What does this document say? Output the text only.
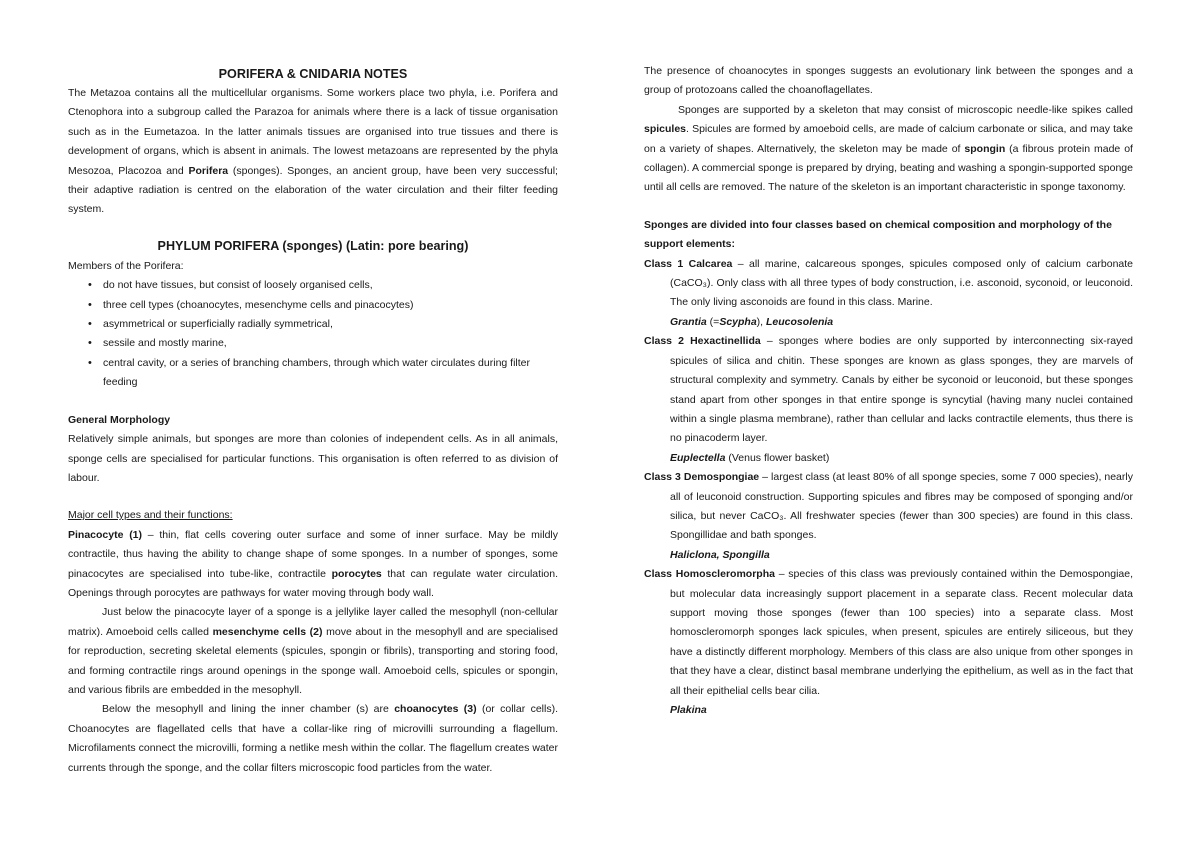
PORIFERA & CNIDARIA NOTES

The Metazoa contains all the multicellular organisms. Some workers place two phyla, i.e. Porifera and Ctenophora into a subgroup called the Parazoa for animals where there is a lack of tissue organisation such as in the Eumetazoa. In the latter animals tissues are organised into true tissues and there is development of organs, which is absent in animals. The lowest metazoans are represented by the phyla Mesozoa, Placozoa and Porifera (sponges). Sponges, an ancient group, have been very successful; their adaptive radiation is centred on the elaboration of the water circulation and their filter feeding system.

PHYLUM PORIFERA (sponges) (Latin: pore bearing)

Members of the Porifera:

• do not have tissues, but consist of loosely organised cells,
• three cell types (choanocytes, mesenchyme cells and pinacocytes)
• asymmetrical or superficially radially symmetrical,
• sessile and mostly marine,
• central cavity, or a series of branching chambers, through which water circulates during filter feeding

General Morphology

Relatively simple animals, but sponges are more than colonies of independent cells. As in all animals, sponge cells are specialised for particular functions. This organisation is often referred to as division of labour.

Major cell types and their functions:

Pinacocyte (1) – thin, flat cells covering outer surface and some of inner surface. May be mildly contractile, thus having the ability to change shape of some sponges. In a number of sponges, some pinacocytes are specialised into tube-like, contractile porocytes that can regulate water circulation. Openings through porocytes are pathways for water moving through body wall.

Just below the pinacocyte layer of a sponge is a jellylike layer called the mesophyll (non-cellular matrix). Amoeboid cells called mesenchyme cells (2) move about in the mesophyll and are specialised for reproduction, secreting skeletal elements (spicules, spongin or fibrils), transporting and storing food, and forming contractile rings around openings in the sponge wall. Amoeboid cells, spicules or spongin, and various fibrils are embedded in the mesophyll.

Below the mesophyll and lining the inner chamber (s) are choanocytes (3) (or collar cells). Choanocytes are flagellated cells that have a collar-like ring of microvilli surrounding a flagellum. Microfilaments connect the microvilli, forming a netlike mesh within the collar. The flagellum creates water currents through the sponge, and the collar filters microscopic food particles from the water.

The presence of choanocytes in sponges suggests an evolutionary link between the sponges and a group of protozoans called the choanoflagellates.

Sponges are supported by a skeleton that may consist of microscopic needle-like spikes called spicules. Spicules are formed by amoeboid cells, are made of calcium carbonate or silica, and may take on a variety of shapes. Alternatively, the skeleton may be made of spongin (a fibrous protein made of collagen). A commercial sponge is prepared by drying, beating and washing a spongin-supported sponge until all cells are removed. The nature of the skeleton is an important characteristic in sponge taxonomy.

Sponges are divided into four classes based on chemical composition and morphology of the support elements:

Class 1 Calcarea – all marine, calcareous sponges, spicules composed only of calcium carbonate (CaCO₃). Only class with all three types of body construction, i.e. asconoid, syconoid, or leuconoid. The only living asconoids are found in this class. Marine.

Grantia (=Scypha), Leucosolenia

Class 2 Hexactinellida – sponges where bodies are only supported by interconnecting six-rayed spicules of silica and chitin. These sponges are known as glass sponges, they are marvels of structural complexity and symmetry. Canals by either be syconoid or leuconoid, but these sponges stand apart from other sponges in that entire sponge is syncytial (having many nuclei contained within a single plasma membrane), rather than cellular and lacks contractile elements, thus there is no pinacoderm layer.

Euplectella (Venus flower basket)

Class 3 Demospongiae – largest class (at least 80% of all sponge species, some 7 000 species), nearly all of leuconoid construction. Supporting spicules and fibres may be composed of sponging and/or silica, but never CaCO₃. All freshwater species (fewer than 300 species) are found in this class. Spongillidae and bath sponges.

Haliclona, Spongilla

Class Homoscleromorpha – species of this class was previously contained within the Demospongiae, but molecular data increasingly support placement in a separate class. Recent molecular data support moving those sponges (fewer than 100 species) into a separate class. Most homoscleromorph sponges lack spicules, when present, spicules are entirely siliceous, but they have a distinctly different morphology. Members of this class are also unique from other sponges in that they have a clear, distinct basal membrane underlying the epithelium, as well as in the fact that all their epithelial cells bear cilia.

Plakina
